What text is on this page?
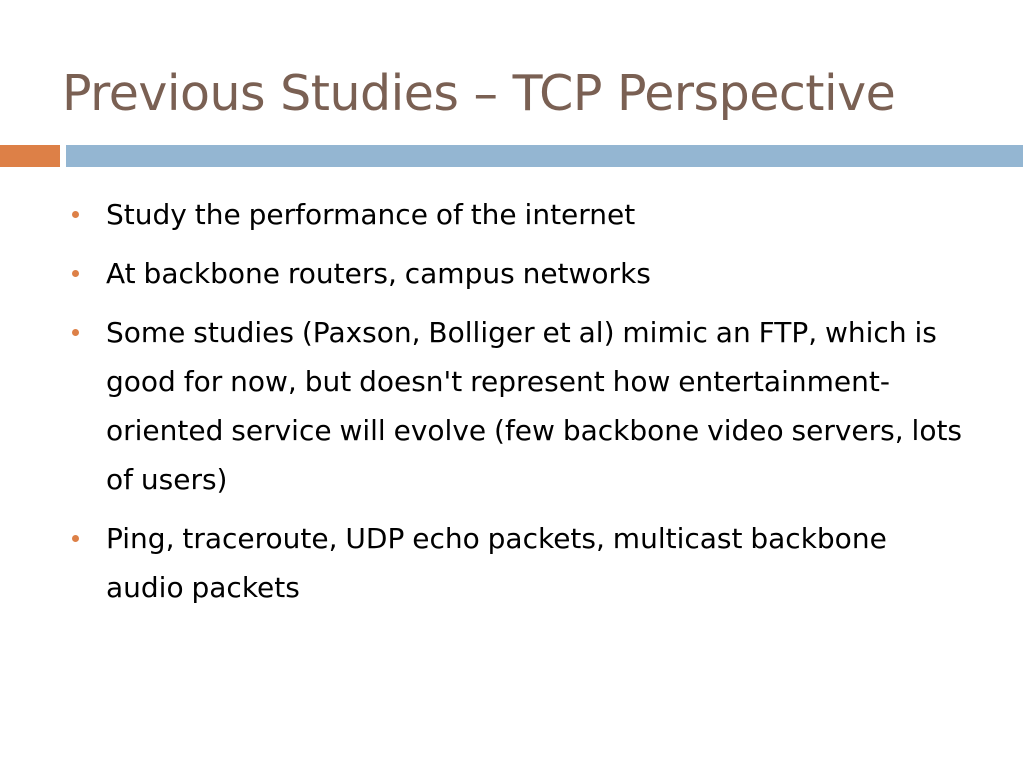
Previous Studies – TCP Perspective
Study the performance of the internet
At backbone routers, campus networks
Some studies (Paxson, Bolliger et al) mimic an FTP, which is good for now, but doesn't represent how entertainment-oriented service will evolve (few backbone video servers, lots of users)
Ping, traceroute, UDP echo packets, multicast backbone audio packets
